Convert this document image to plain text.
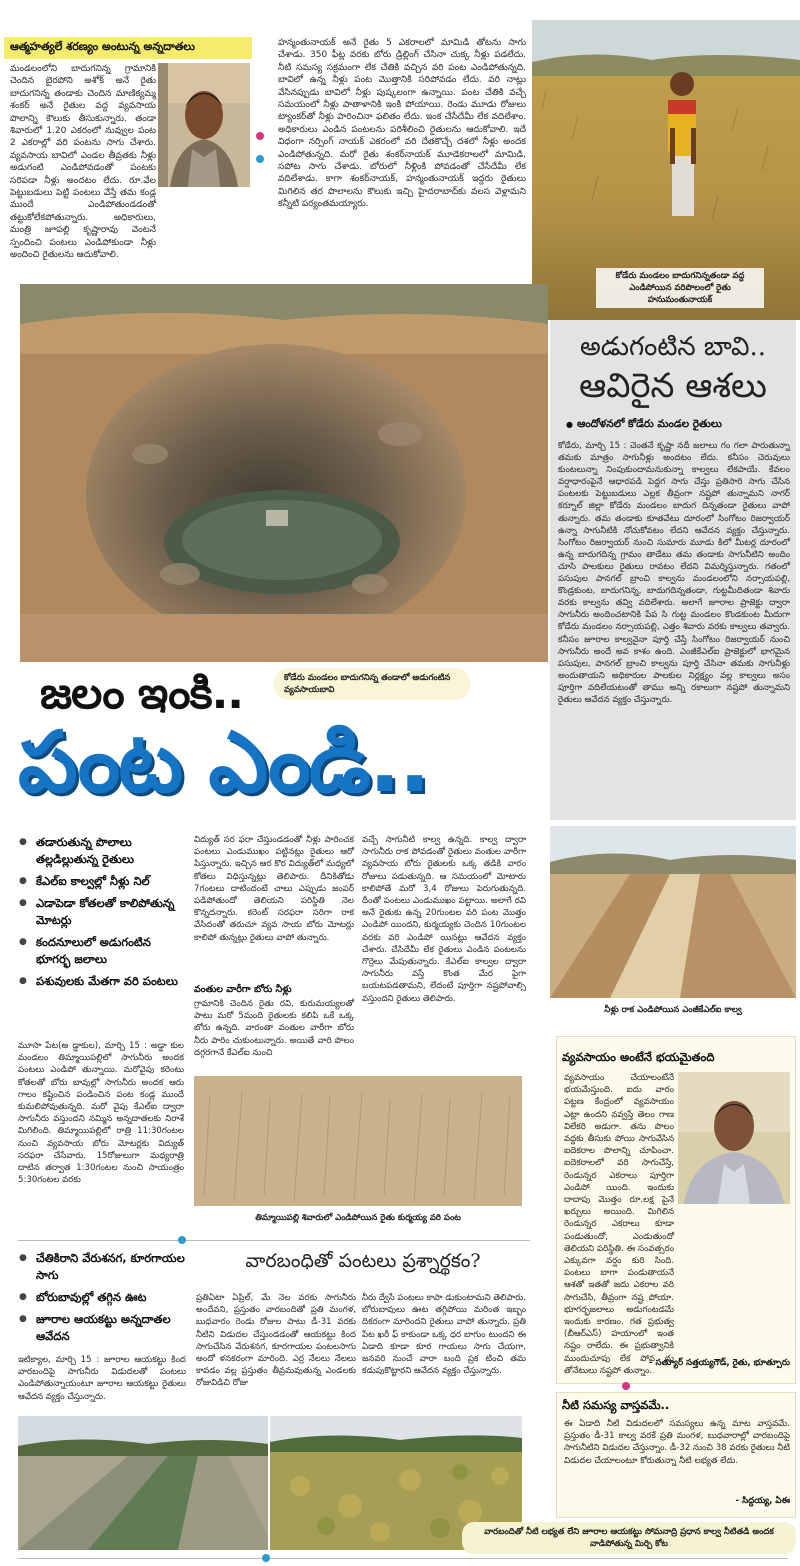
ఆత్మహత్యలే శరణ్యం అంటున్న అన్నదాతలు
మండలంలోని బాదుగనిన్న గ్రామానికి చెందిన బైరపోని అశోక్ అనే రైతు బాదుగనిన్న తండాకు చెందిన మాణిక్యమ్మ శంకర్ అనే రైతుల వద్ద వ్యవసాయ పొలాన్ని కౌలుకు తీసుకున్నారు. తండా శివారులో 1.20 ఎకరంలో నువ్వుల పంట 2 ఎకరాల్లో వరి పంటను సాగు చేశారు. వ్యవసాయ బావిలో ఎండల తీవ్రతకు నీళ్లు అడుగంటి ఎండిపోవడంతో పంటకు సరిపడా నీళ్లు అందటం లేదు. రూ.వేల పెట్టుబడులు పెట్టి పంటలు వేస్తే తమ కండ్ల ముందే ఎండిపోతుండడంతో తట్టుకోలేకపోతున్నారు. అధికారులు, మంత్రి జూపల్లి కృష్ణారావు వెంటనే స్పందించి పంటలు ఎండిపోకుండా నీళ్లు అందించి రైతులను ఆదుకోవాలి.
హన్మంతునాయక్ అనే రైతు 5 ఎకరాలలో మామిడి తోటను సాగు చేశాడు. 350 ఫీట్ల వరకు బోరు డ్రిల్లింగ్ చేసినా చుక్క నీళ్లు పడలేదు. నీటి సమస్య సక్రమంగా లేక చేతికి వచ్చిన వరి పంట ఎండిపోతున్నది. బావిలో ఉన్న నీళ్లు పంట మొత్తానికి సరిపోవడం లేదు. వరి నాట్లు వేసినప్పుడు బావిలో నీళ్లు పుష్కలంగా ఉన్నాయి. పంట చేతికి వచ్చే సమయంలో నీళ్లు పాతాళానికి ఇంకి పోయాయి. రెండు మూడు రోజులు ట్యాంకర్‌తో నీళ్లు పారించినా ఫలితం లేదు. ఇంక చేసేదేమీ లేక వదిలేశాం. అధికారులు ఎండిన పంటలను పరిశీలించి రైతులను ఆదుకోవాలి. ఇదే విధంగా నర్సింగ్ నాయక్ ఎకరంలో వరి దేతకొచ్చే దశలో నీళ్లు అందక ఎండిపోతున్నది. మరో రైతు శంకర్‌నాయక్ మూడెకరాలలో మామిడి, సపోట సాగు చేశాడు. బోరులో నీళ్లింకి పోవడంతో చేసేదేమీ లేక వదిలేశాడు. కాగా శంకర్‌నాయక్, హన్మంతునాయక్ ఇద్దరు రైతులు మిగిలిన తర పొలాలను కౌలుకు ఇచ్చి హైదరాబాద్‌కు వలస వెళ్లామని కన్నీటి పర్యంతమయ్యారు.
కోడేరు మండలం బాదుగనిన్నతండా వద్ద ఎండిపోయిన వరిపొలంలో రైతు హనుమంతునాయక్
కోడేరు మండలం బాదుగనిన్న తండాలో అడుగంటిన వ్యవసాయబావి
అడుగంటిన బావి..
ఆవిరైన ఆశలు
● ఆందోళనలో కోడేరు మండల రైతులు
కోడేరు, మార్చి 15 : చెంతనే కృష్ణా నదీ జలాలు గం గలా పారుతున్నా తమకు మాత్రం సాగునీళ్లు అందటం లేదు. కనీసం చెరువులు కుంటలున్నా నింపుకుందామనుకున్నా కాల్వలు లేకపాయే. కేవలం వర్షాధారంపైనే ఆధారపడి పెద్దగ సాగు చేస్తు ప్రతిసారి సాగు చేసిన పంటలకు పెట్టుబడులు ఎల్లక తీవ్రంగా నష్టపో తున్నామని నాగర్ కర్నూల్ జిల్లా కోడేరు మండలం బాదుగ దిన్నతండా రైతులు వాపో తున్నారు. తమ తండాకు కూతవేటు దూరంలో సింగోటం రిజర్వాయర్ ఉన్నా సాగునీటికి నోచుకోవటం లేదని ఆవేదన వ్యక్తం చేస్తున్నారు. సింగోటం రిజర్వాయర్ నుంచి సుమారు మూడు కిలో మీటర్ల దూరంలో ఉన్న బాదుగదిన్న గ్రామం తాడేటు తమ తండాకు సాగునీటిని అందిం చూసి పాలకులు రైతులు రావటం లేదని విమర్శిస్తున్నారు. గతంలో పసుపుల పానగల్ బ్రాంచి కాల్వను మండలంలోని నర్సాయపల్లి, కొండ్రకుంట, బాదుగనిన్న, బాదుగదిన్నతండా, గుట్టమీదితండా శివారు వరకు కాల్వను తవ్వి వదిలేశారు. అలాగే జూరాల ప్రాజెక్టు ద్వారా సాగునీరు అందించటానికి పేప సి గుట్ట మండలం కొండకుంట మీదుగా కోడేరు మండలం నర్సాయపల్లి, ఎత్తం శివారు వరకు కాల్వలు తవ్వారు. కనీసం జూరాల కాల్వనైనా పూర్తి చేస్తే సింగోటం రిజర్వాయర్ నుంచి సాగునీరు అందే అవ కాశం ఉంది. ఎంజీకేఎల్ఐ ప్రాజెక్టులో భాగమైన పసుపుల, పానగల్ బ్రాంచి కాల్వను పూర్తి చేసినా తమకు సాగునీళ్లు అందుతాయని అధికారుల పాలకుల నిర్లక్ష్యం వల్ల కాల్వలు అసం పూర్తిగా వదిలేయటంతో తాము అన్ని రకాలుగా నష్టపో తున్నామని రైతులు ఆవేదన వ్యక్తం చేస్తున్నారు.
జలం ఇంకి..
పంట ఎండి..
● తడారుతున్న పొలాలు తల్లడిల్లుతున్న రైతులు
● కేఎల్ఐ కాల్వల్లో నీళ్లు నిల్
● ఎడాపెడా కోతలతో కాలిపోతున్న మోటర్లు
● కందనూలులో అడుగంటిన భూగర్భ జలాలు
● పశువులకు మేతగా వరి పంటలు
మూసా పేట(అ డ్డాకుల), మార్చి 15 : అడ్డా కుల మండలం తిమ్మాయిపల్లిలో సాగునీరు అందక పంటలు ఎండిపో తున్నాయి. మరోవైపు కరెంటు కోతలతో బోరు బావుల్లో సాగునీరు అందక ఆరు గాలం కష్టించిన పండించిన పంట కండ్ల ముందే కుమలిపోవుతున్నది. మరో వైపు కేఎల్ఐ ద్వారా సాగునీరు వస్తుందని నమ్మిన అన్నదాతలకు నిరాశే మిగిలింది. తిమ్మాయిపల్లిలో రాత్రి 11:30గంటల నుంచి వ్యవసాయ బోరు మోటర్లకు విద్యుత్ సరఫరా చేసేవారు. 15రోజులుగా మధ్యరాత్రి దాటిన తర్వాత 1:30గంటల నుంచి సాయంత్రం 5:30గంటల వరకు
విద్యుత్ సర ఫరా చేస్తుండడంతో నీళ్లు పారించక పంటలు ఎండుముఖం పట్టినట్లు రైతులు ఆరో పిస్తున్నారు. ఇచ్చిన ఆర కొర విద్యుత్‌లో మధ్యలో కోతలు విధిస్తున్నట్లు తెలిపారు. దీనికితోడు 7గంటలు దాటిందంటే చాలు ఎప్పుడు జంపర్ పడిపోతుందో తెలియని పరిస్థితి నెల కొన్నదన్నారు. కరెంట్ సరఫరా సరిగా రాక వేసిదంతో తరుచూ వ్యవ సాయ బోరు మోటర్లు కాలిపో తున్నట్లు రైతులు వాపో తున్నారు.
వంతుల వారీగా బోరు నీళ్లు
గ్రామానికి చెందిన రైతు రవి, కురుమయ్యలతో పాటు మరో 5మంది రైతులకు కలిపి ఒకే ఒక్క బోరు ఉన్నది. వారంతా వంతుల వారీగా బోరు నీరు పారిం చుకుంటున్నారు. అయితే వారి పొలం దగ్గరగానే కేఎల్ఐ నుంచి
వచ్చే సాగునీటి కాల్వ ఉన్నది. కాల్వ ద్వారా సాగునీరు రాక పోవడంతో రైతులు వంతుల వారీగా వ్యవసాయ బోరు రైతులకు ఒక్క తడికి వారం రోజులు పడుతున్నది. ఆ సమయంలో మోటారు కాలిపోతే మరో 3,4 రోజులు పెరుగుతున్నది. దీంతో పంటలు ఎండుముఖం పట్టాయి. అలాగే రవి అనే రైతుకు ఉన్న 20గుంటల వరి పంట మొత్తం ఎండిపో యిందని, కుర్మయ్యకు చెందిన 10గుంటల వరకు వరి ఎండిపో యినట్లు ఆవేదన వ్యక్తం చేశారు. చేసిదేమీ లేక రైతులు ఎండిన పంటలను గొర్రెలు మేపుతున్నారు. కేఎల్ఐ కాల్వల ద్వారా సాగునీరు వస్తే కొంత మేర పైగా బయటపడతామని, లేదంటే పూర్తిగా నష్టపోవాల్సి వస్తుందని రైతులు తెలిపారు.
తిమ్మాయిపల్లి శివారులో ఎండిపోయిన రైతు కుర్మయ్య వరి పంట
నీళ్లు రాక ఎండిపోయిన ఎంజీకేఎల్ఐ కాల్వ
వ్యవసాయం అంటేనే భయమైతంది
వ్యవసాయం చేయాలంటేనే భయమేస్తుంది. ఐదు వారం పట్టణ కేంద్రంలో వ్యవసాయం ఎట్లా ఉందని నవ్వస్తే తెలం గాణ విలేకరి అడుగా. తను పొలం వద్దకు తీసుకు పోయి సాగువేసిన ఐదెకరాల పొలాన్ని చూపించా. ఐదెకరాలలో వరి సాగుచేస్తే, రెండున్నర ఎకరాలు పూర్తిగా ఎండిపో యింది. ఇందుకు దాదాపు మొత్తం రూ.లక్ష పైనే ఖర్చులు అయింది. మిగిలిన రెండున్నర ఎకరాలు కూడా పండుతుందో, ఎండుతుందో తెలియని పరిస్థితి. ఈ సంవత్సరం ఎక్కువగా వర్షం కురి సింది. పంటలు బాగా పండుతాయనే ఆశతో ఇతతో జదు ఎకరాల వరి సాగుచేసి, తీవ్రంగా నష్ట పోయా. భూగర్భజలాలు అడుగంటడమే ఇందుకు కారణం. గత ప్రభుత్వ (బీఆర్‌ఎస్) హయాంలో ఇంత నష్టం రాలేదు. ఈ ప్రభుత్వానికి ముందుచూపు లేక పోవ డు తోనేటులు నష్టపో తున్నాం.
- సత్యూర్ సత్తయ్యగౌడ్, రైతు, భూత్పూరు
నీటి సమస్య వాస్తవమే..
ఈ ఏడాది నీటి విడుదలలో సమస్యలు ఉన్న మాట వాస్తవమే. ప్రస్తుతం డీ-31 కాల్వ వరకే ప్రతి మంగళ, బుధవారాల్లో వారబందిపై సాగునీటిని విడుదల చేస్తున్నాం. డీ-32 నుంచి 38 వరకు రైతులు నీటి విడుదల చేయాలంటూ కోరుతున్నా నీటి లభ్యత లేదు.
- సిద్దయ్య, ఏఈ
● చేతికిరాని వేరుశనగ, కూరగాయల సాగు
● బోరుబావుల్లో తగ్గిన ఊట
● జూరాల ఆయకట్టు అన్నదాతల ఆవేదన
ఇటిక్యాల, మార్చి 15 : జూరాల ఆయకట్టు కింద వారబందిపై సాగునీరు విడుదలతో పంటలు ఎండిపోతున్నాయంటూ జూరాల ఆయకట్టు రైతులు ఆవేదన వ్యక్తం చేస్తున్నారు.
వారబంధితో పంటలు ప్రశ్నార్థకం?
ప్రతిఏటా ఏప్రిల్, మే నెల వరకు సాగునీరు అందేవని, ప్రస్తుతం వారబందితో ప్రతి మంగళ, బుధవారం రెండు రోజుల పాటు డీ-31 వరకు నీటిని విడుదల చేస్తుండడంతో ఆయకట్టు కింద సాగుచేసిన వేరుశనగ, కూరగాయల పంటలసాగు అందో ళనకరంగా మారింది. ఎర్ర నేలలు నేలలు కావడం వల్ల ప్రస్తుతం తీవ్రమవుతున్న ఎండలకు రోజువిడిచి రోజు
నీరు ద్వేసే పంటలు కాపా డుకుంటామని తెలిపారు. బోరుబావులు ఊట తగ్గిపోయి మరింత ఇబ్బం దికరంగా మారిందని రైతులు వాపో తున్నారు. ప్రతి పేట ఖరీ ఫ్ కాకుండా ఒక్క ధర బాగుం టుందని ఈ ఏడాది కూడా కూర గాయలు సాగు చేయగా, జనవరి నుంచే వారా బంది ప్రక టించి తమ కడుపుకొట్టారని ఆవేదన వ్యక్తం చేస్తున్నారు.
వారబందితో నీటి లభ్యత లేని జూరాల ఆయకట్టు సోమనాద్రి ప్రధాన కాల్వ నీటితడి అందక వాడిపోతున్న మిర్చి కోట
